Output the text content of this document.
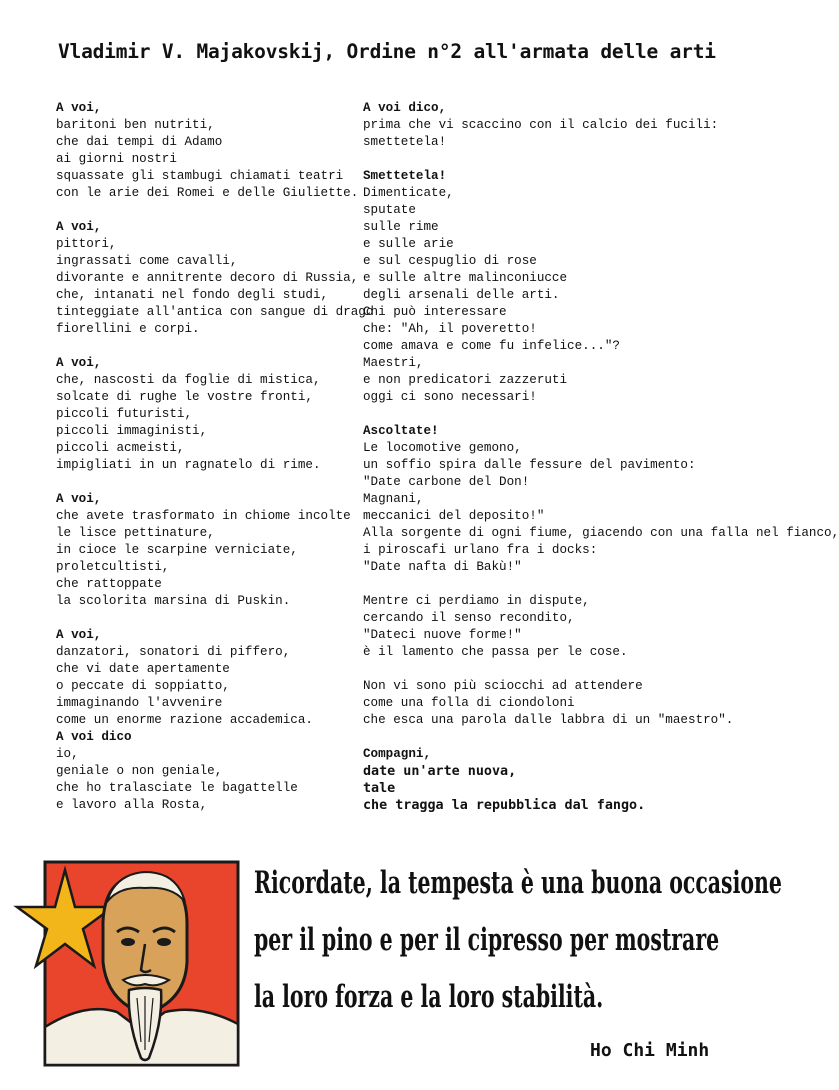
Vladimir V. Majakovskij, Ordine n°2 all'armata delle arti
A voi,
baritoni ben nutriti,
che dai tempi di Adamo
ai giorni nostri
squassate gli stambugi chiamati teatri
con le arie dei Romei e delle Giuliette.
A voi,
pittori,
ingrassati come cavalli,
divorante e annitrente decoro di Russia,
che, intanati nel fondo degli studi,
tinteggiate all'antica con sangue di drago
fiorellini e corpi.
A voi,
che, nascosti da foglie di mistica,
solcate di rughe le vostre fronti,
piccoli futuristi,
piccoli immaginisti,
piccoli acmeisti,
impigliati in un ragnatelo di rime.
A voi,
che avete trasformato in chiome incolte
le lisce pettinature,
in cioce le scarpine verniciate,
proletcultisti,
che rattoppate
la scolorita marsina di Puskin.
A voi,
danzatori, sonatori di piffero,
che vi date apertamente
o peccate di soppiatto,
immaginando l'avvenire
come un enorme razione accademica.
A voi dico
io,
geniale o non geniale,
che ho tralasciate le bagattelle
e lavoro alla Rosta,
A voi dico,
prima che vi scaccino con il calcio dei fucili:
smettetela!
Smettetela!
Dimenticate,
sputate
sulle rime
e sulle arie
e sul cespuglio di rose
e sulle altre malinconiucce
degli arsenali delle arti.
Chi può interessare
che: "Ah, il poveretto!
come amava e come fu infelice..."?
Maestri,
e non predicatori zazzeruti
oggi ci sono necessari!
Ascoltate!
Le locomotive gemono,
un soffio spira dalle fessure del pavimento:
"Date carbone del Don!
Magnani,
meccanici del deposito!"
Alla sorgente di ogni fiume, giacendo con una falla nel fianco,
i piroscafi urlano fra i docks:
"Date nafta di Bakù!"
Mentre ci perdiamo in dispute,
cercando il senso recondito,
"Dateci nuove forme!"
è il lamento che passa per le cose.
Non vi sono più sciocchi ad attendere
come una folla di ciondoloni
che esca una parola dalle labbra di un "maestro".
Compagni,
date un'arte nuova,
tale
che tragga la repubblica dal fango.
Ricordate, la tempesta è una buona occasione
per il pino e per il cipresso per mostrare
la loro forza e la loro stabilità.
Ho Chi Minh
